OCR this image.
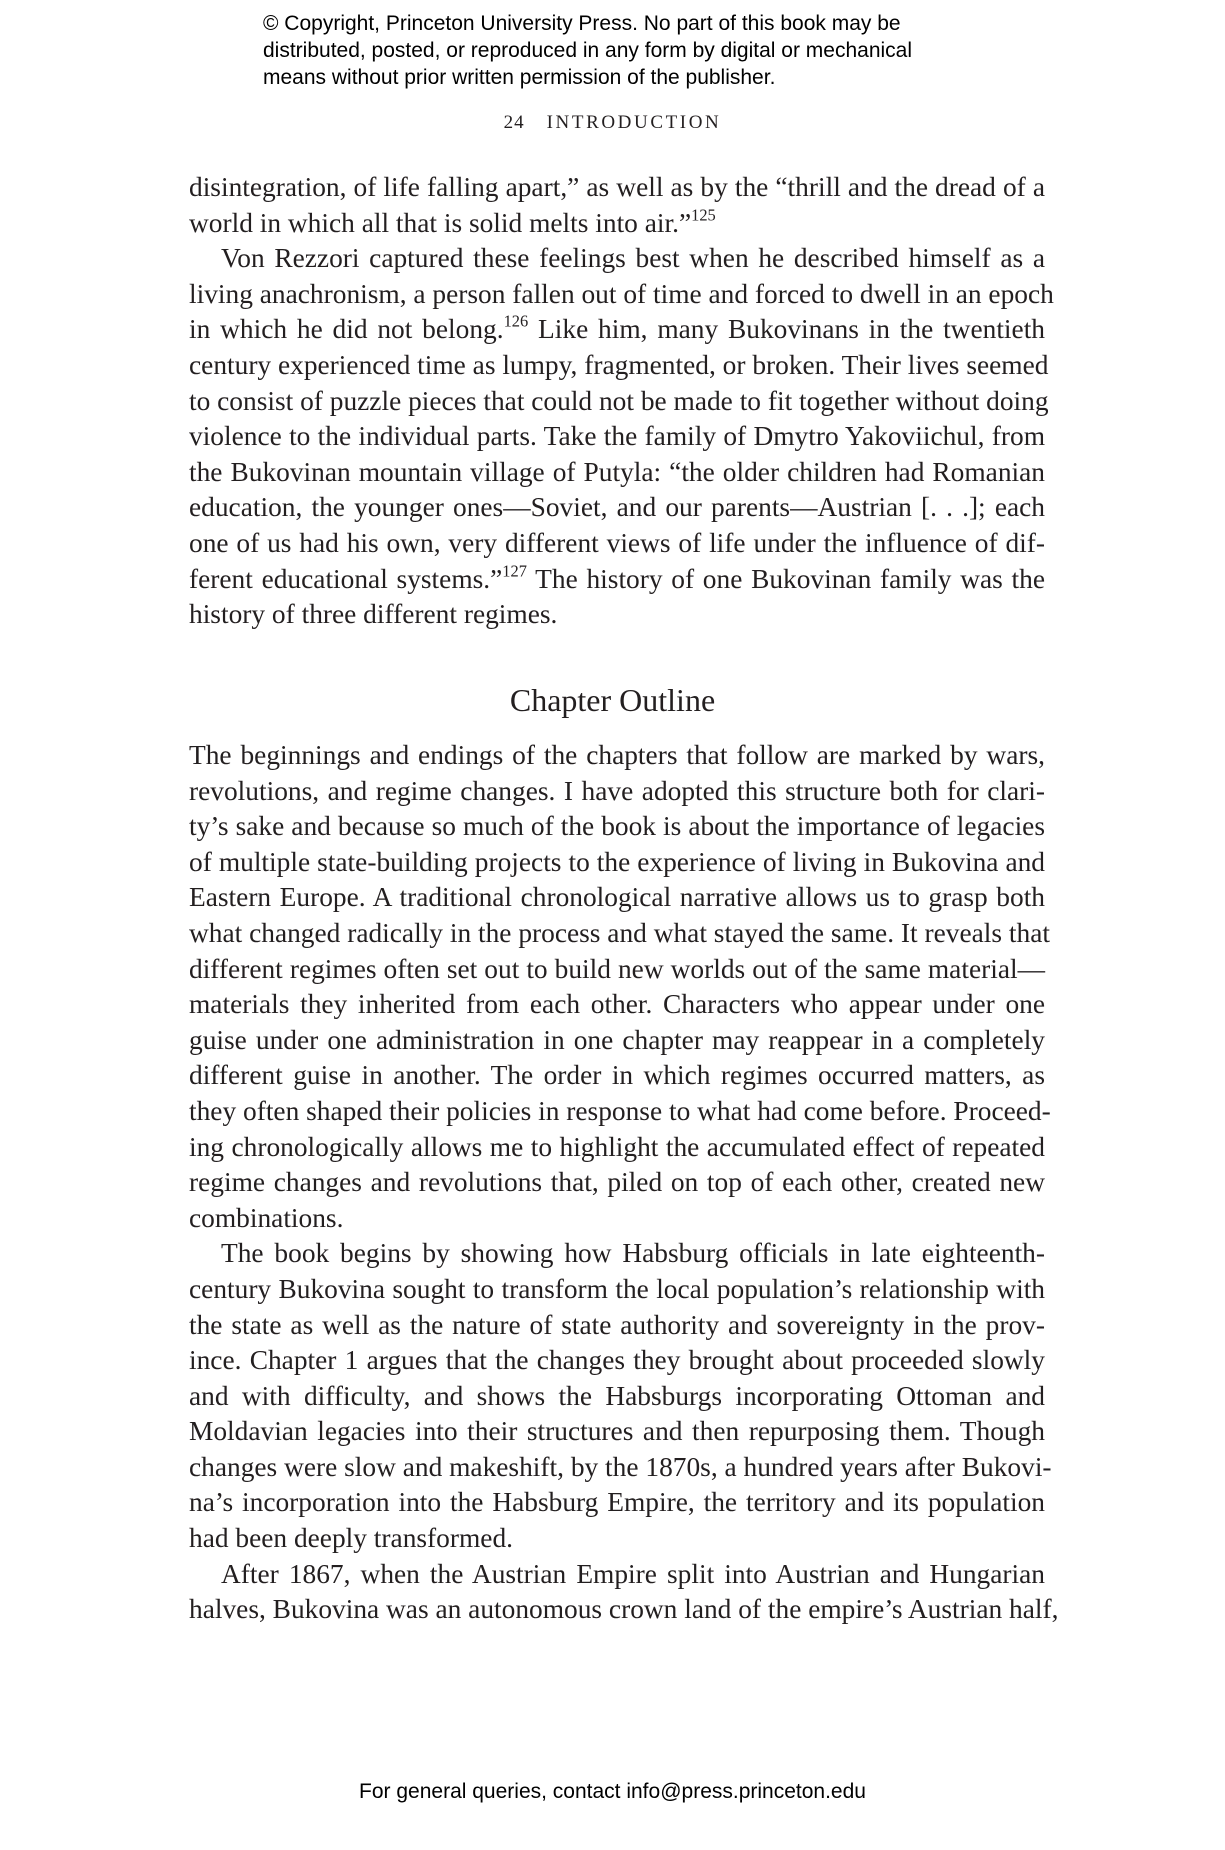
© Copyright, Princeton University Press. No part of this book may be
distributed, posted, or reproduced in any form by digital or mechanical
means without prior written permission of the publisher.
24 INTRODUCTION
disintegration, of life falling apart,” as well as by the “thrill and the dread of a
world in which all that is solid melts into air.”$^{125}$
Von Rezzori captured these feelings best when he described himself as a
living anachronism, a person fallen out of time and forced to dwell in an epoch
in which he did not belong.$^{126}$ Like him, many Bukovinans in the twentieth
century experienced time as lumpy, fragmented, or broken. Their lives seemed
to consist of puzzle pieces that could not be made to fit together without doing
violence to the individual parts. Take the family of Dmytro Yakoviichul, from
the Bukovinan mountain village of Putyla: “the older children had Romanian
education, the younger ones—Soviet, and our parents—Austrian [. . .]; each
one of us had his own, very different views of life under the influence of dif-
ferent educational systems.”$^{127}$ The history of one Bukovinan family was the
history of three different regimes.
Chapter Outline
The beginnings and endings of the chapters that follow are marked by wars,
revolutions, and regime changes. I have adopted this structure both for clari-
ty’s sake and because so much of the book is about the importance of legacies
of multiple state-building projects to the experience of living in Bukovina and
Eastern Europe. A traditional chronological narrative allows us to grasp both
what changed radically in the process and what stayed the same. It reveals that
different regimes often set out to build new worlds out of the same material—
materials they inherited from each other. Characters who appear under one
guise under one administration in one chapter may reappear in a completely
different guise in another. The order in which regimes occurred matters, as
they often shaped their policies in response to what had come before. Proceed-
ing chronologically allows me to highlight the accumulated effect of repeated
regime changes and revolutions that, piled on top of each other, created new
combinations.
The book begins by showing how Habsburg officials in late eighteenth-
century Bukovina sought to transform the local population’s relationship with
the state as well as the nature of state authority and sovereignty in the prov-
ince. Chapter 1 argues that the changes they brought about proceeded slowly
and with difficulty, and shows the Habsburgs incorporating Ottoman and
Moldavian legacies into their structures and then repurposing them. Though
changes were slow and makeshift, by the 1870s, a hundred years after Bukovi-
na’s incorporation into the Habsburg Empire, the territory and its population
had been deeply transformed.
After 1867, when the Austrian Empire split into Austrian and Hungarian
halves, Bukovina was an autonomous crown land of the empire’s Austrian half,
For general queries, contact info@press.princeton.edu
